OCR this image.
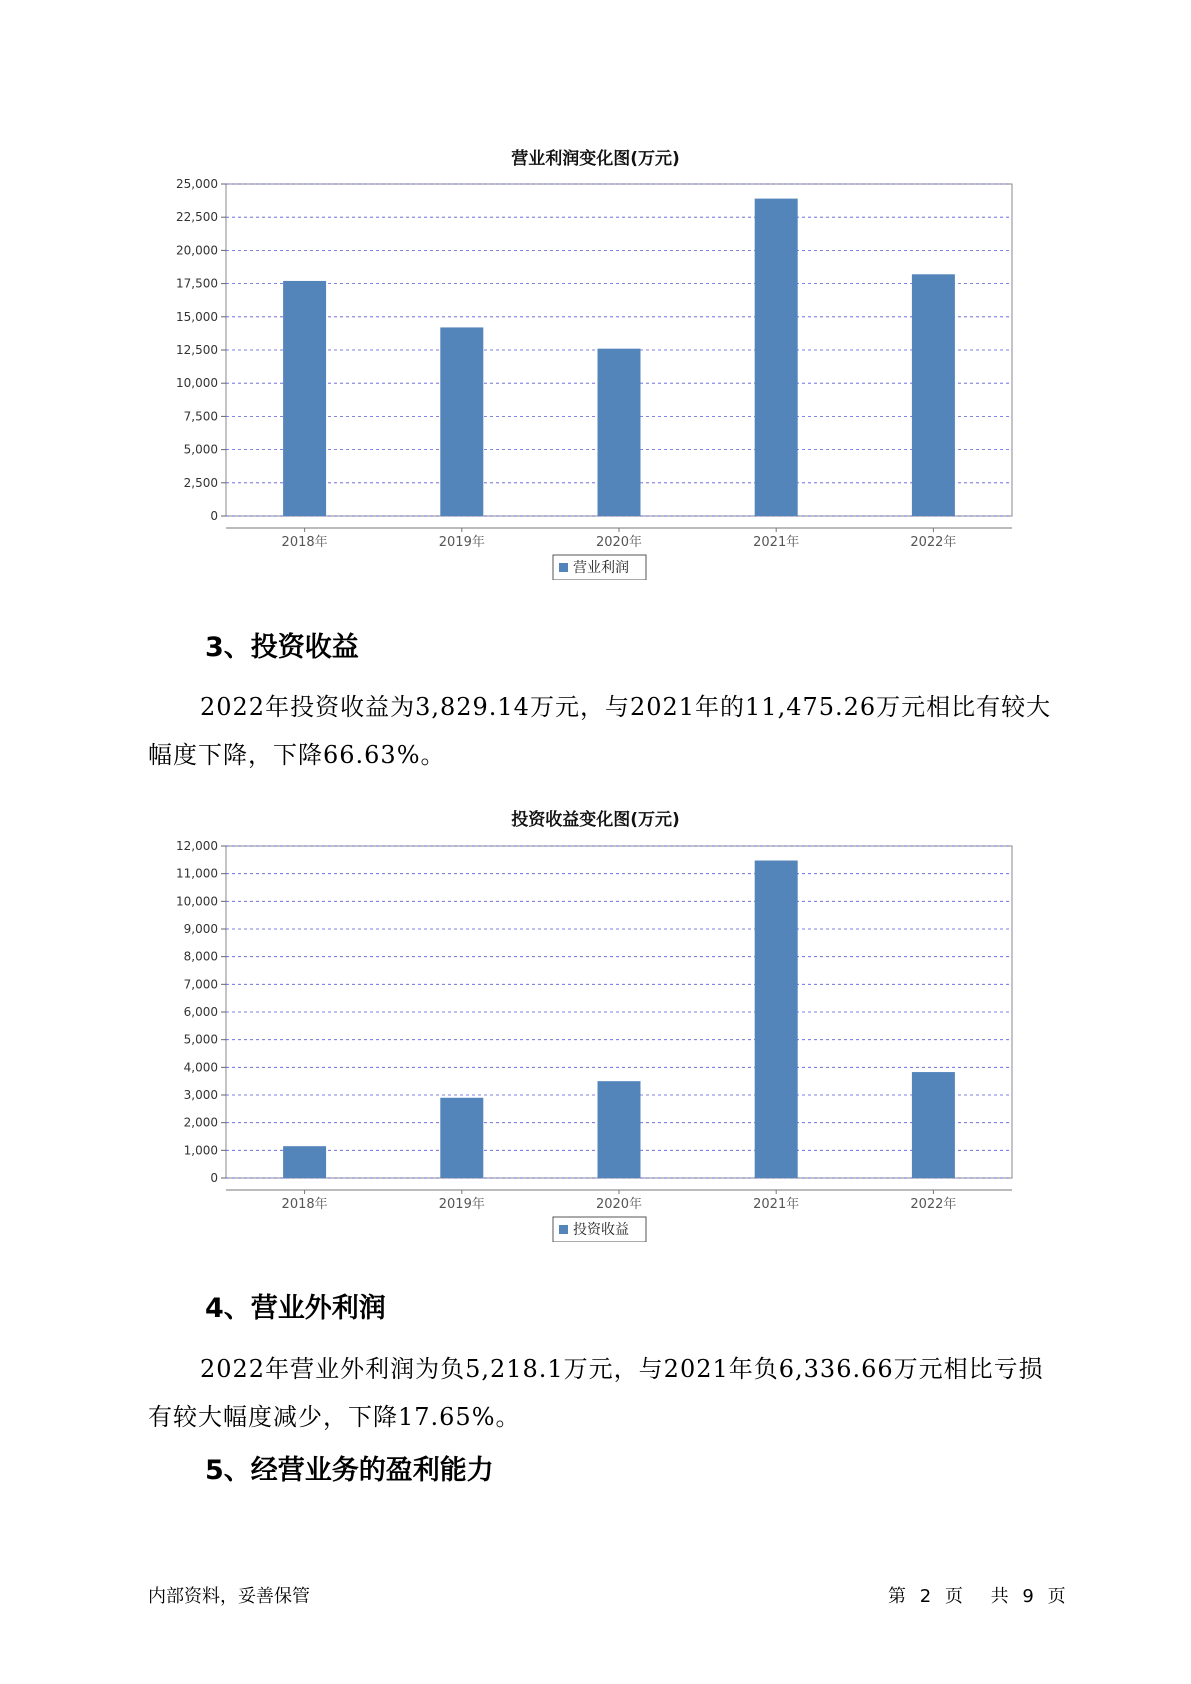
营业利润变化图(万元)
0
2,500
5,000
7,500
10,000
12,500
15,000
17,500
20,000
22,500
25,000
2018年	2019年	2020年	2021年	2022年
营业利润
3、投资收益
2022年投资收益为3,829.14万元，与2021年的11,475.26万元相比有较大幅度下降，下降66.63%。
投资收益变化图(万元)
0
1,000
2,000
3,000
4,000
5,000
6,000
7,000
8,000
9,000
10,000
11,000
12,000
2018年	2019年	2020年	2021年	2022年
投资收益
4、营业外利润
2022年营业外利润为负5,218.1万元，与2021年负6,336.66万元相比亏损有较大幅度减少，下降17.65%。
5、经营业务的盈利能力
内部资料，妥善保管	第 2 页 共 9 页
